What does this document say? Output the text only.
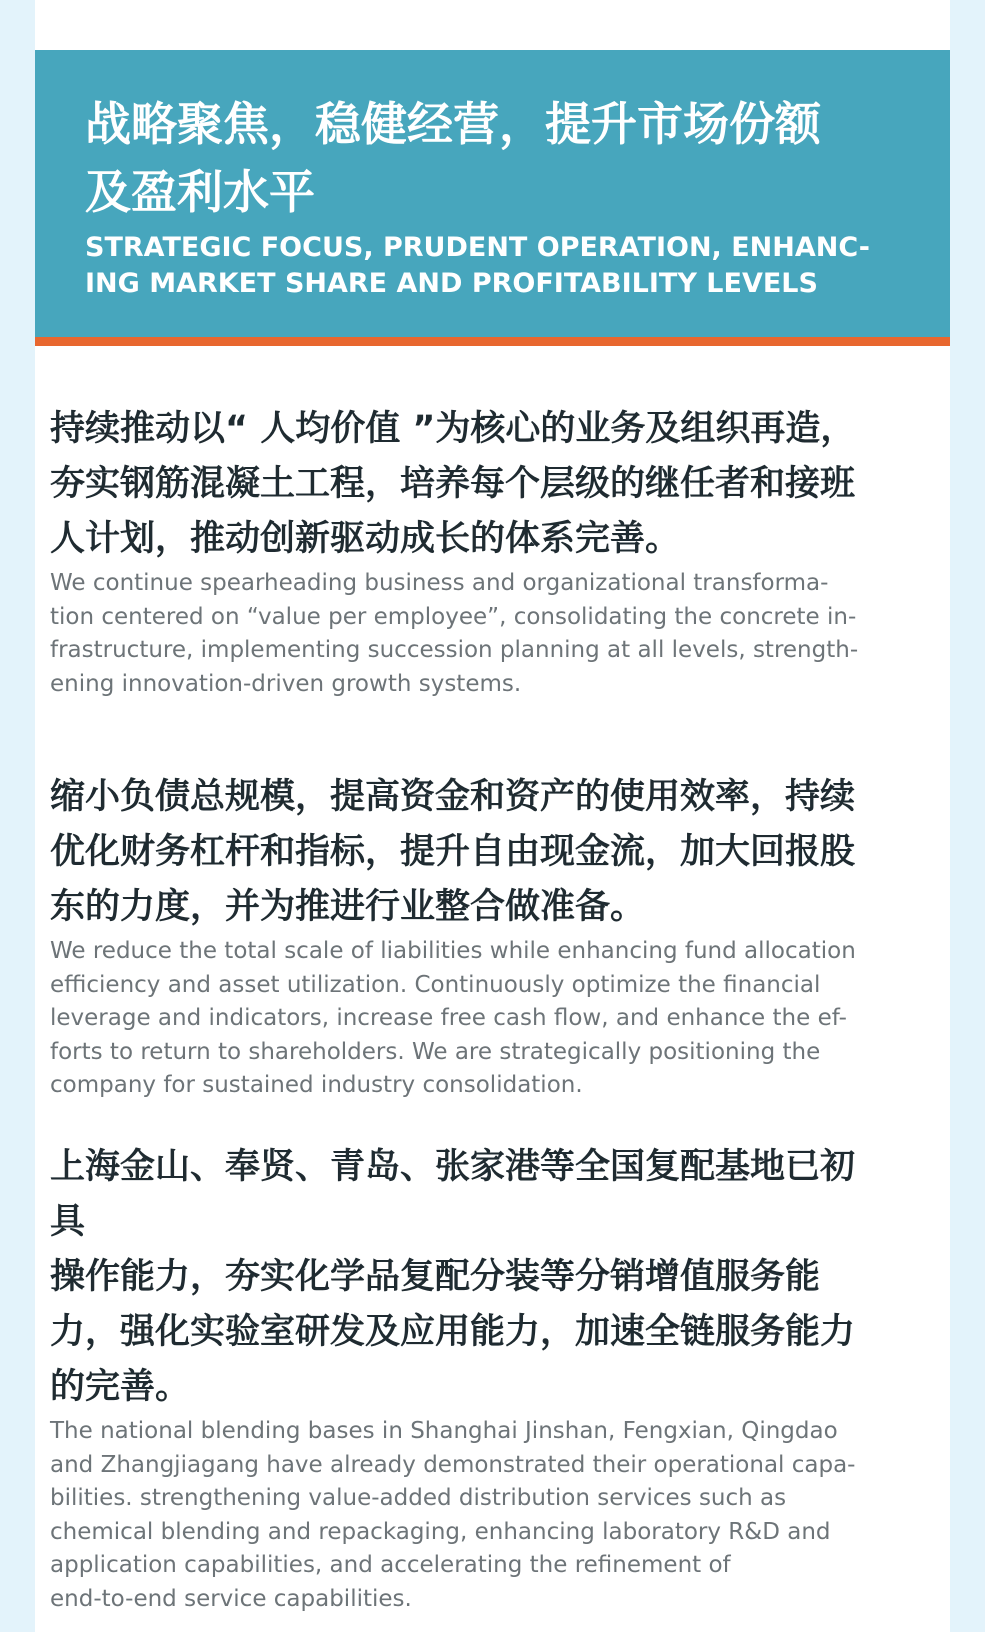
战略聚焦，稳健经营，提升市场份额
及盈利水平
STRATEGIC FOCUS, PRUDENT OPERATION, ENHANC-
ING MARKET SHARE AND PROFITABILITY LEVELS

持续推动以“ 人均价值 ”为核心的业务及组织再造，
夯实钢筋混凝土工程，培养每个层级的继任者和接班
人计划，推动创新驱动成长的体系完善。

We continue spearheading business and organizational transforma-
tion centered on “value per employee”, consolidating the concrete in-
frastructure, implementing succession planning at all levels, strength-
ening innovation-driven growth systems.

缩小负债总规模，提高资金和资产的使用效率，持续
优化财务杠杆和指标，提升自由现金流，加大回报股
东的力度，并为推进行业整合做准备。

We reduce the total scale of liabilities while enhancing fund allocation
efficiency and asset utilization. Continuously optimize the financial
leverage and indicators, increase free cash flow, and enhance the ef-
forts to return to shareholders. We are strategically positioning the
company for sustained industry consolidation.

上海金山、奉贤、青岛、张家港等全国复配基地已初具
操作能力，夯实化学品复配分装等分销增值服务能
力，强化实验室研发及应用能力，加速全链服务能力
的完善。

The national blending bases in Shanghai Jinshan, Fengxian, Qingdao
and Zhangjiagang have already demonstrated their operational capa-
bilities. strengthening value-added distribution services such as
chemical blending and repackaging, enhancing laboratory R&D and
application capabilities, and accelerating the refinement of
end-to-end service capabilities.
